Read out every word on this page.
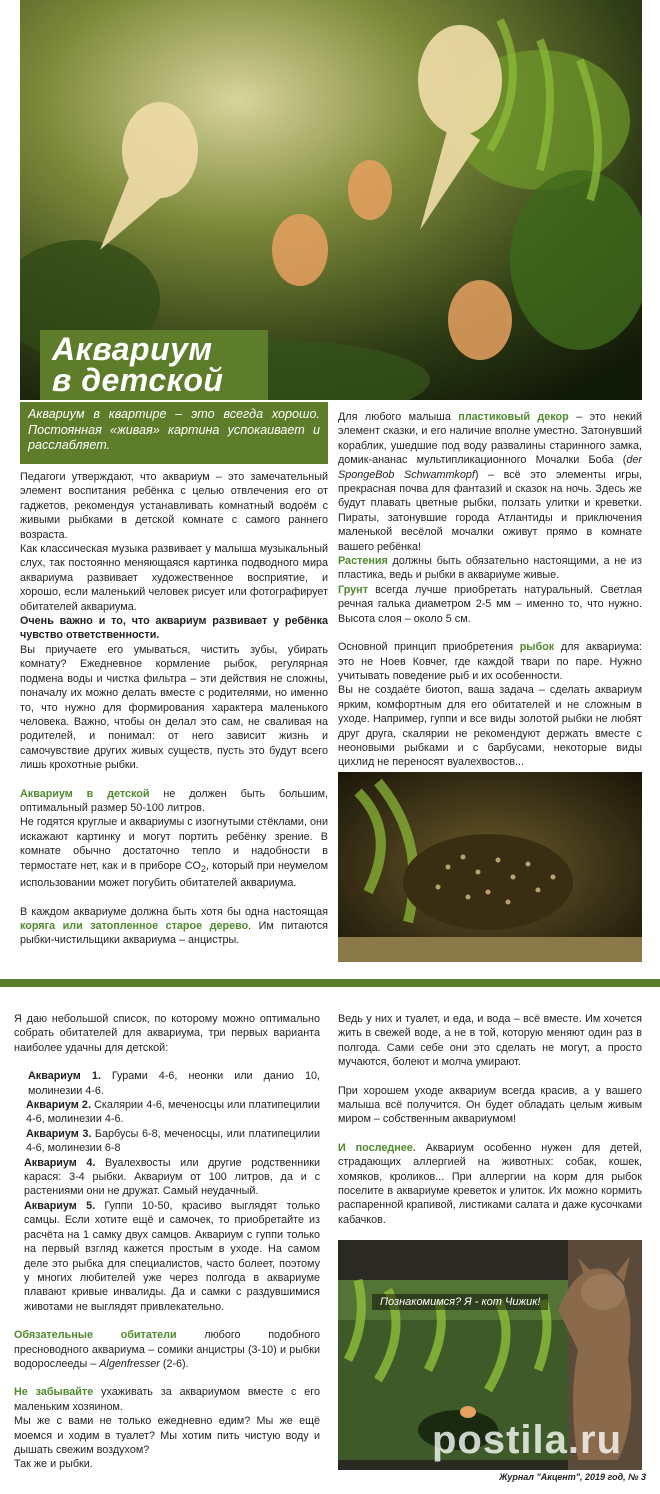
Аквариум
в детской

Аквариум в квартире – это всегда хорошо. Постоянная «живая» картина успокаивает и расслабляет.

Педагоги утверждают, что аквариум – это замечательный элемент воспитания ребёнка с целью отвлечения его от гаджетов, рекомендуя устанавливать комнатный водоём с живыми рыбками в детской комнате с самого раннего возраста.

Как классическая музыка развивает у малыша музыкальный слух, так постоянно меняющаяся картинка подводного мира аквариума развивает художественное восприятие, и хорошо, если маленький человек рисует или фотографирует обитателей аквариума.

Очень важно и то, что аквариум развивает у ребёнка чувство ответственности.

Вы приучаете его умываться, чистить зубы, убирать комнату? Ежедневное кормление рыбок, регулярная подмена воды и чистка фильтра – эти действия не сложны, поначалу их можно делать вместе с родителями, но именно то, что нужно для формирования характера маленького человека. Важно, чтобы он делал это сам, не сваливая на родителей, и понимал: от него зависит жизнь и самочувствие других живых существ, пусть это будут всего лишь крохотные рыбки.

Аквариум в детской не должен быть большим, оптимальный размер 50-100 литров.

Не годятся круглые и аквариумы с изогнутыми стёклами, они искажают картинку и могут портить ребёнку зрение. В комнате обычно достаточно тепло и надобности в термостате нет, как и в приборе $CO_2$, который при неумелом использовании может погубить обитателей аквариума.

В каждом аквариуме должна быть хотя бы одна настоящая коряга или затопленное старое дерево. Им питаются рыбки-чистильщики аквариума – анцистры.

Для любого малыша пластиковый декор – это некий элемент сказки, и его наличие вполне уместно. Затонувший кораблик, ушедшие под воду развалины старинного замка, домик-ананас мультипликационного Мочалки Боба (der SpongeBob Schwammkopf) – всё это элементы игры, прекрасная почва для фантазий и сказок на ночь. Здесь же будут плавать цветные рыбки, ползать улитки и креветки. Пираты, затонувшие города Атлантиды и приключения маленькой весёлой мочалки оживут прямо в комнате вашего ребёнка!

Растения должны быть обязательно настоящими, а не из пластика, ведь и рыбки в аквариуме живые.

Грунт всегда лучше приобретать натуральный. Светлая речная галька диаметром 2-5 мм – именно то, что нужно. Высота слоя – около 5 см.

Основной принцип приобретения рыбок для аквариума: это не Ноев Ковчег, где каждой твари по паре. Нужно учитывать поведение рыб и их особенности.

Вы не создаёте биотоп, ваша задача – сделать аквариум ярким, комфортным для его обитателей и не сложным в уходе. Например, гуппи и все виды золотой рыбки не любят друг друга, скалярии не рекомендуют держать вместе с неоновыми рыбками и с барбусами, некоторые виды цихлид не переносят вуалехвостов...

Я даю небольшой список, по которому можно оптимально собрать обитателей для аквариума, три первых варианта наиболее удачны для детской:

Аквариум 1. Гурами 4-6, неонки или данио 10, молинезии 4-6.

Аквариум 2. Скалярии 4-6, меченосцы или платипецилии 4-6, молинезии 4-6.

Аквариум 3. Барбусы 6-8, меченосцы, или платипецилии 4-6, молинезии 6-8

Аквариум 4. Вуалехвосты или другие родственники карася: 3-4 рыбки. Аквариум от 100 литров, да и с растениями они не дружат. Самый неудачный.

Аквариум 5. Гуппи 10-50, красиво выглядят только самцы. Если хотите ещё и самочек, то приобретайте из расчёта на 1 самку двух самцов. Аквариум с гуппи только на первый взгляд кажется простым в уходе. На самом деле это рыбка для специалистов, часто болеет, поэтому у многих любителей уже через полгода в аквариуме плавают кривые инвалиды. Да и самки с раздувшимися животами не выглядят привлекательно.

Обязательные обитатели любого подобного пресноводного аквариума – сомики анцистры (3-10) и рыбки водорослееды – Algenfresser (2-6).

Не забывайте ухаживать за аквариумом вместе с его маленьким хозяином.

Мы же с вами не только ежедневно едим? Мы же ещё моемся и ходим в туалет? Мы хотим пить чистую воду и дышать свежим воздухом?

Так же и рыбки.

Ведь у них и туалет, и еда, и вода – всё вместе. Им хочется жить в свежей воде, а не в той, которую меняют один раз в полгода. Сами себе они это сделать не могут, а просто мучаются, болеют и молча умирают.

При хорошем уходе аквариум всегда красив, а у вашего малыша всё получится. Он будет обладать целым живым миром – собственным аквариумом!

И последнее. Аквариум особенно нужен для детей, страдающих аллергией на животных: собак, кошек, хомяков, кроликов... При аллергии на корм для рыбок поселите в аквариуме креветок и улиток. Их можно кормить распаренной крапивой, листиками салата и даже кусочками кабачков.

Познакомимся? Я - кот Чижик!
postila.ru
Журнал "Акцент", 2019 год, № 3
